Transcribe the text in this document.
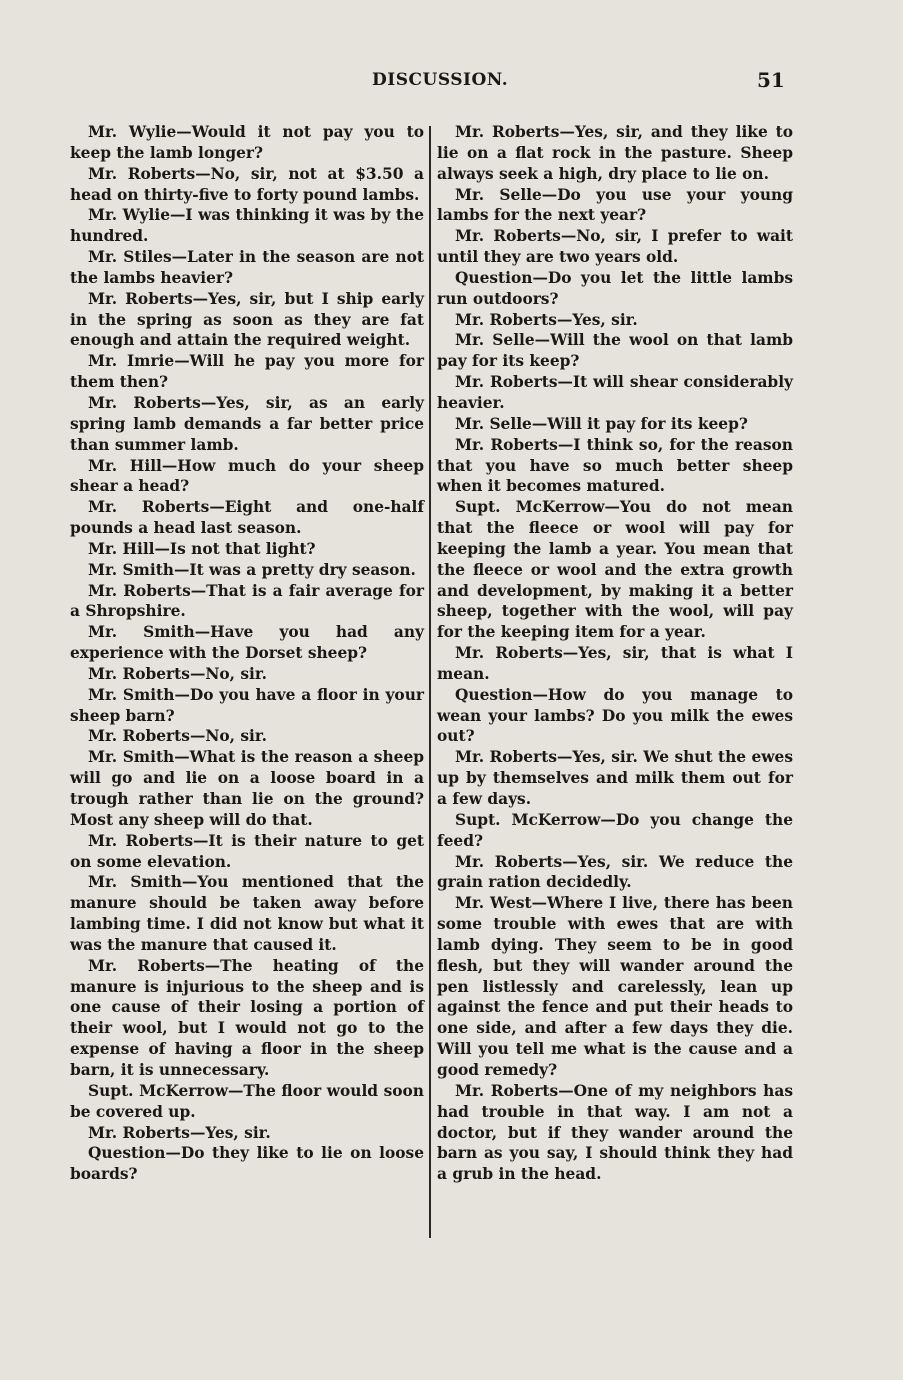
DISCUSSION.	51

Mr. Wylie—Would it not pay you to keep the lamb longer?

Mr. Roberts—No, sir, not at $3.50 a head on thirty-five to forty pound lambs.

Mr. Wylie—I was thinking it was by the hundred.

Mr. Stiles—Later in the season are not the lambs heavier?

Mr. Roberts—Yes, sir, but I ship early in the spring as soon as they are fat enough and attain the required weight.

Mr. Imrie—Will he pay you more for them then?

Mr. Roberts—Yes, sir, as an early spring lamb demands a far better price than summer lamb.

Mr. Hill—How much do your sheep shear a head?

Mr. Roberts—Eight and one-half pounds a head last season.

Mr. Hill—Is not that light?

Mr. Smith—It was a pretty dry season.

Mr. Roberts—That is a fair average for a Shropshire.

Mr. Smith—Have you had any experience with the Dorset sheep?

Mr. Roberts—No, sir.

Mr. Smith—Do you have a floor in your sheep barn?

Mr. Roberts—No, sir.

Mr. Smith—What is the reason a sheep will go and lie on a loose board in a trough rather than lie on the ground? Most any sheep will do that.

Mr. Roberts—It is their nature to get on some elevation.

Mr. Smith—You mentioned that the manure should be taken away before lambing time. I did not know but what it was the manure that caused it.

Mr. Roberts—The heating of the manure is injurious to the sheep and is one cause of their losing a portion of their wool, but I would not go to the expense of having a floor in the sheep barn, it is unnecessary.

Supt. McKerrow—The floor would soon be covered up.

Mr. Roberts—Yes, sir.

Question—Do they like to lie on loose boards?

Mr. Roberts—Yes, sir, and they like to lie on a flat rock in the pasture. Sheep always seek a high, dry place to lie on.

Mr. Selle—Do you use your young lambs for the next year?

Mr. Roberts—No, sir, I prefer to wait until they are two years old.

Question—Do you let the little lambs run outdoors?

Mr. Roberts—Yes, sir.

Mr. Selle—Will the wool on that lamb pay for its keep?

Mr. Roberts—It will shear considerably heavier.

Mr. Selle—Will it pay for its keep?

Mr. Roberts—I think so, for the reason that you have so much better sheep when it becomes matured.

Supt. McKerrow—You do not mean that the fleece or wool will pay for keeping the lamb a year. You mean that the fleece or wool and the extra growth and development, by making it a better sheep, together with the wool, will pay for the keeping item for a year.

Mr. Roberts—Yes, sir, that is what I mean.

Question—How do you manage to wean your lambs? Do you milk the ewes out?

Mr. Roberts—Yes, sir. We shut the ewes up by themselves and milk them out for a few days.

Supt. McKerrow—Do you change the feed?

Mr. Roberts—Yes, sir. We reduce the grain ration decidedly.

Mr. West—Where I live, there has been some trouble with ewes that are with lamb dying. They seem to be in good flesh, but they will wander around the pen listlessly and carelessly, lean up against the fence and put their heads to one side, and after a few days they die. Will you tell me what is the cause and a good remedy?

Mr. Roberts—One of my neighbors has had trouble in that way. I am not a doctor, but if they wander around the barn as you say, I should think they had a grub in the head.
